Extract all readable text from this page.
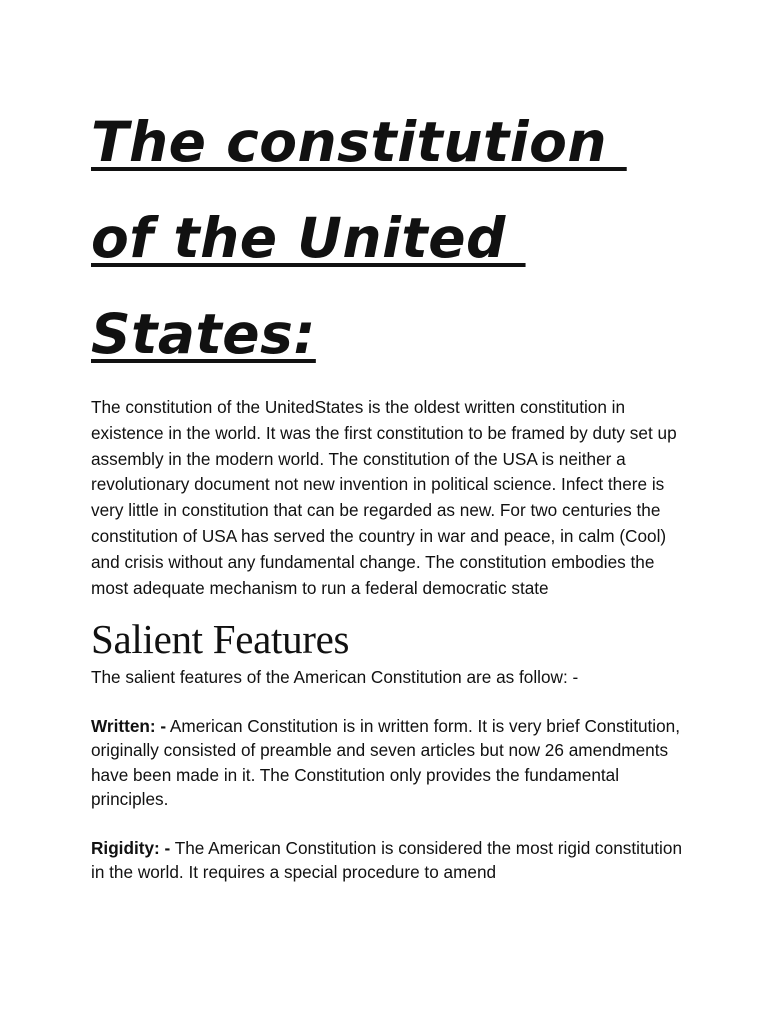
The constitution
of the United
States:

The constitution of the UnitedStates is the oldest written constitution in existence in the world. It was the first constitution to be framed by duty set up assembly in the modern world. The constitution of the USA is neither a revolutionary document not new invention in political science. Infect there is very little in constitution that can be regarded as new. For two centuries the constitution of USA has served the country in war and peace, in calm (Cool) and crisis without any fundamental change. The constitution embodies the most adequate mechanism to run a federal democratic state

Salient Features

The salient features of the American Constitution are as follow: -

Written: - American Constitution is in written form. It is very brief Constitution, originally consisted of preamble and seven articles but now 26 amendments have been made in it. The Constitution only provides the fundamental principles.

Rigidity: - The American Constitution is considered the most rigid constitution in the world. It requires a special procedure to amend
